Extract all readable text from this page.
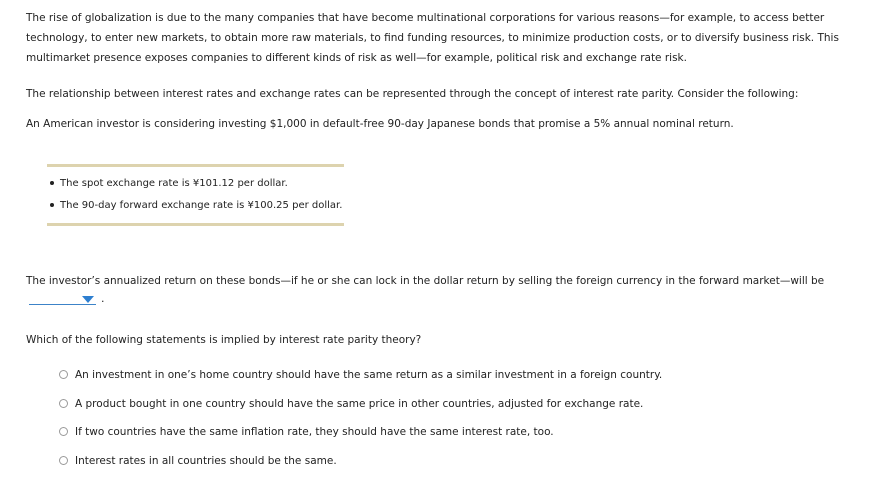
The rise of globalization is due to the many companies that have become multinational corporations for various reasons—for example, to access better technology, to enter new markets, to obtain more raw materials, to find funding resources, to minimize production costs, or to diversify business risk. This multimarket presence exposes companies to different kinds of risk as well—for example, political risk and exchange rate risk.

The relationship between interest rates and exchange rates can be represented through the concept of interest rate parity. Consider the following:

An American investor is considering investing $1,000 in default-free 90-day Japanese bonds that promise a 5% annual nominal return.

The spot exchange rate is ¥101.12 per dollar.
The 90-day forward exchange rate is ¥100.25 per dollar.

The investor’s annualized return on these bonds—if he or she can lock in the dollar return by selling the foreign currency in the forward market—will be

.

Which of the following statements is implied by interest rate parity theory?

An investment in one’s home country should have the same return as a similar investment in a foreign country.
A product bought in one country should have the same price in other countries, adjusted for exchange rate.
If two countries have the same inflation rate, they should have the same interest rate, too.
Interest rates in all countries should be the same.
